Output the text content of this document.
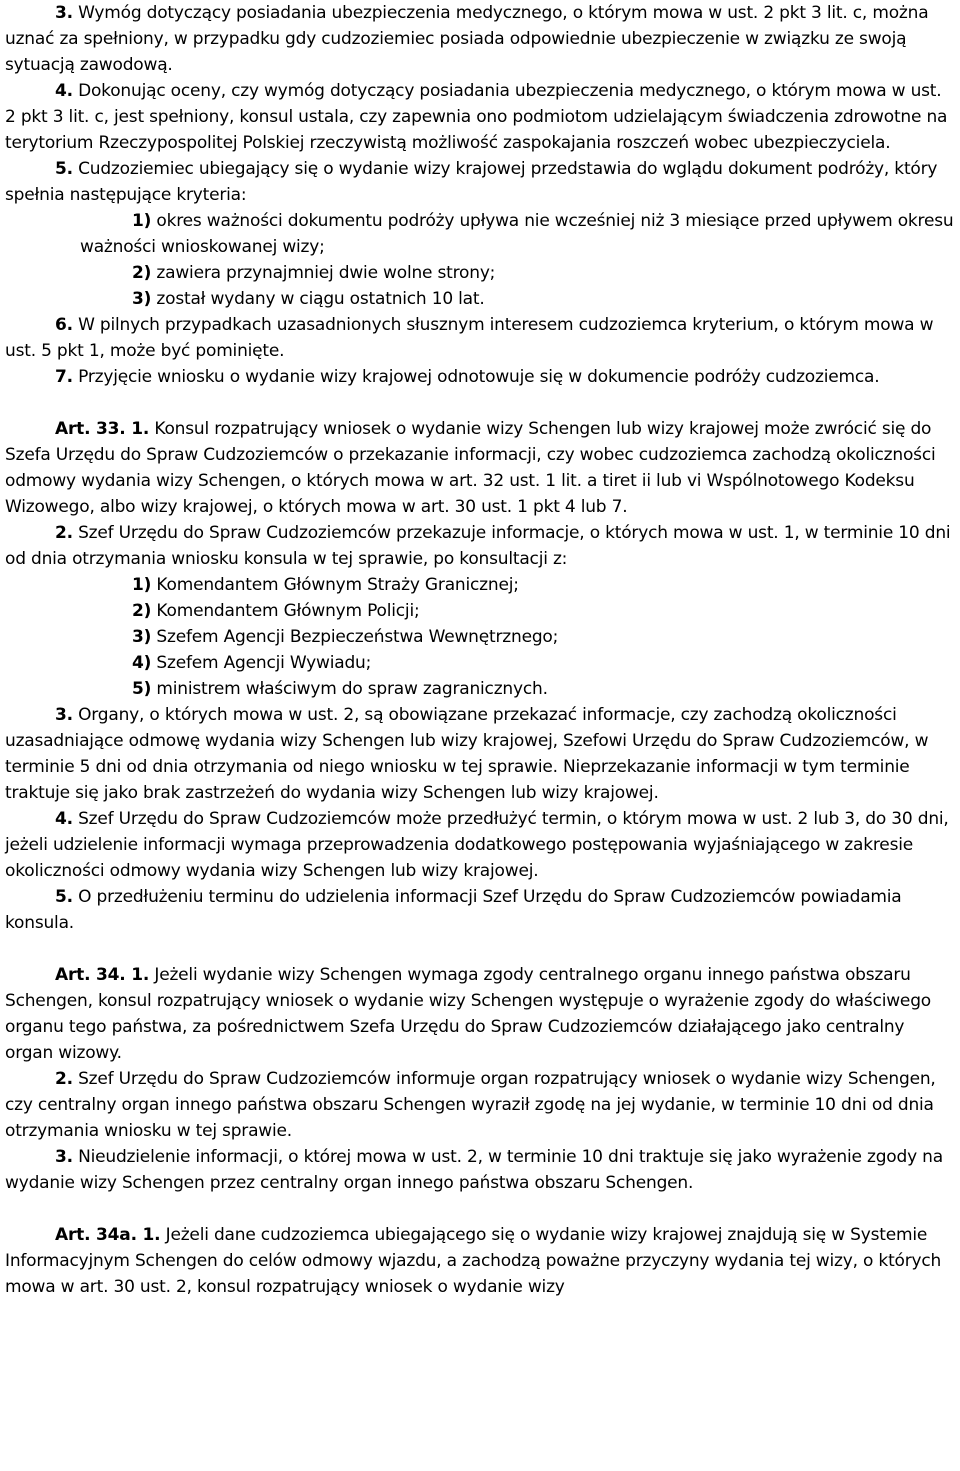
3. Wymóg dotyczący posiadania ubezpieczenia medycznego, o którym mowa w ust. 2 pkt 3 lit. c, można uznać za spełniony, w przypadku gdy cudzoziemiec posiada odpowiednie ubezpieczenie w związku ze swoją sytuacją zawodową.

4. Dokonując oceny, czy wymóg dotyczący posiadania ubezpieczenia medycznego, o którym mowa w ust. 2 pkt 3 lit. c, jest spełniony, konsul ustala, czy zapewnia ono podmiotom udzielającym świadczenia zdrowotne na terytorium Rzeczypospolitej Polskiej rzeczywistą możliwość zaspokajania roszczeń wobec ubezpieczyciela.

5. Cudzoziemiec ubiegający się o wydanie wizy krajowej przedstawia do wglądu dokument podróży, który spełnia następujące kryteria:

1) okres ważności dokumentu podróży upływa nie wcześniej niż 3 miesiące przed upływem okresu ważności wnioskowanej wizy;

2) zawiera przynajmniej dwie wolne strony;

3) został wydany w ciągu ostatnich 10 lat.

6. W pilnych przypadkach uzasadnionych słusznym interesem cudzoziemca kryterium, o którym mowa w ust. 5 pkt 1, może być pominięte.

7. Przyjęcie wniosku o wydanie wizy krajowej odnotowuje się w dokumencie podróży cudzoziemca.

Art. 33. 1. Konsul rozpatrujący wniosek o wydanie wizy Schengen lub wizy krajowej może zwrócić się do Szefa Urzędu do Spraw Cudzoziemców o przekazanie informacji, czy wobec cudzoziemca zachodzą okoliczności odmowy wydania wizy Schengen, o których mowa w art. 32 ust. 1 lit. a tiret ii lub vi Wspólnotowego Kodeksu Wizowego, albo wizy krajowej, o których mowa w art. 30 ust. 1 pkt 4 lub 7.

2. Szef Urzędu do Spraw Cudzoziemców przekazuje informacje, o których mowa w ust. 1, w terminie 10 dni od dnia otrzymania wniosku konsula w tej sprawie, po konsultacji z:

1) Komendantem Głównym Straży Granicznej;

2) Komendantem Głównym Policji;

3) Szefem Agencji Bezpieczeństwa Wewnętrznego;

4) Szefem Agencji Wywiadu;

5) ministrem właściwym do spraw zagranicznych.

3. Organy, o których mowa w ust. 2, są obowiązane przekazać informacje, czy zachodzą okoliczności uzasadniające odmowę wydania wizy Schengen lub wizy krajowej, Szefowi Urzędu do Spraw Cudzoziemców, w terminie 5 dni od dnia otrzymania od niego wniosku w tej sprawie. Nieprzekazanie informacji w tym terminie traktuje się jako brak zastrzeżeń do wydania wizy Schengen lub wizy krajowej.

4. Szef Urzędu do Spraw Cudzoziemców może przedłużyć termin, o którym mowa w ust. 2 lub 3, do 30 dni, jeżeli udzielenie informacji wymaga przeprowadzenia dodatkowego postępowania wyjaśniającego w zakresie okoliczności odmowy wydania wizy Schengen lub wizy krajowej.

5. O przedłużeniu terminu do udzielenia informacji Szef Urzędu do Spraw Cudzoziemców powiadamia konsula.

Art. 34. 1. Jeżeli wydanie wizy Schengen wymaga zgody centralnego organu innego państwa obszaru Schengen, konsul rozpatrujący wniosek o wydanie wizy Schengen występuje o wyrażenie zgody do właściwego organu tego państwa, za pośrednictwem Szefa Urzędu do Spraw Cudzoziemców działającego jako centralny organ wizowy.

2. Szef Urzędu do Spraw Cudzoziemców informuje organ rozpatrujący wniosek o wydanie wizy Schengen, czy centralny organ innego państwa obszaru Schengen wyraził zgodę na jej wydanie, w terminie 10 dni od dnia otrzymania wniosku w tej sprawie.

3. Nieudzielenie informacji, o której mowa w ust. 2, w terminie 10 dni traktuje się jako wyrażenie zgody na wydanie wizy Schengen przez centralny organ innego państwa obszaru Schengen.

Art. 34a. 1. Jeżeli dane cudzoziemca ubiegającego się o wydanie wizy krajowej znajdują się w Systemie Informacyjnym Schengen do celów odmowy wjazdu, a zachodzą poważne przyczyny wydania tej wizy, o których mowa w art. 30 ust. 2, konsul rozpatrujący wniosek o wydanie wizy
